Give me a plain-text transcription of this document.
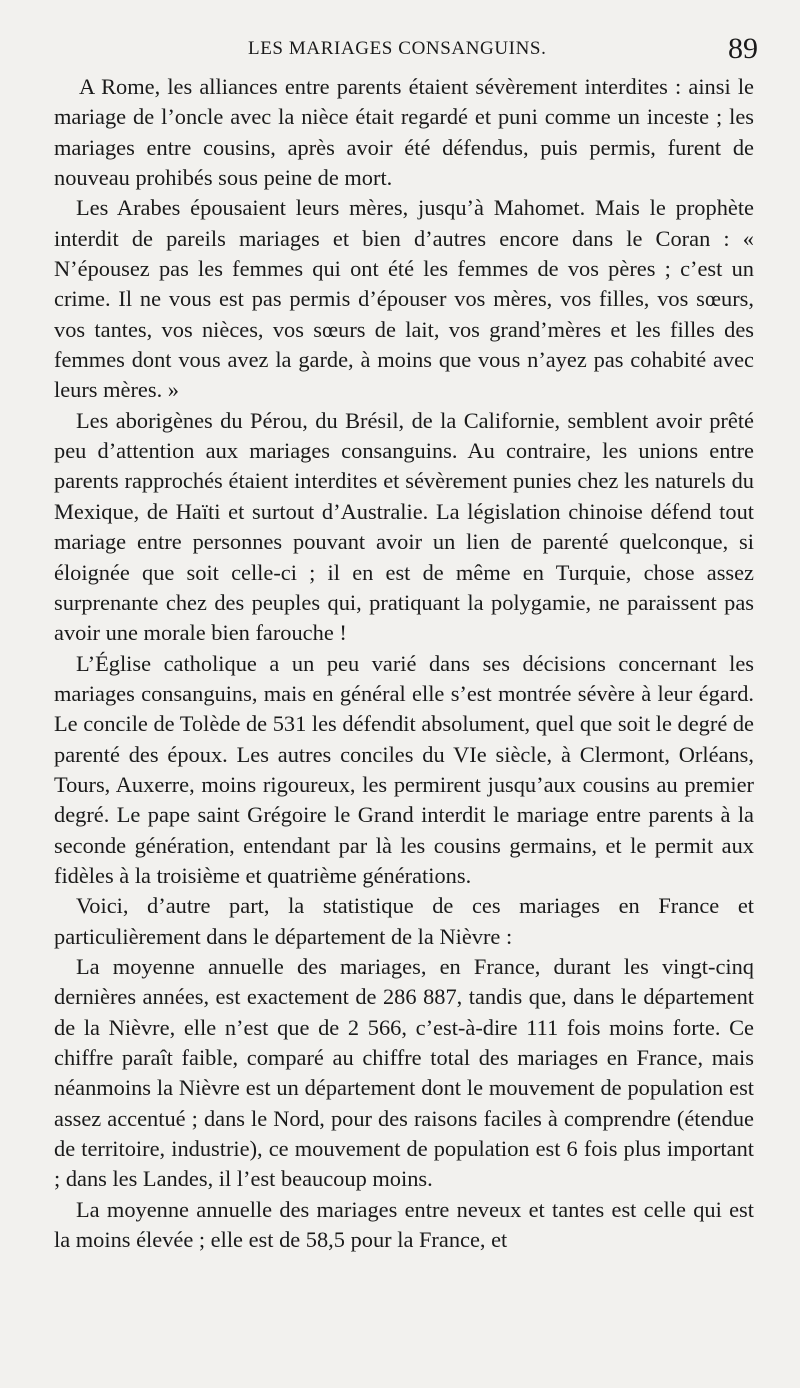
LES MARIAGES CONSANGUINS.	89

A Rome, les alliances entre parents étaient sévèrement interdites : ainsi le mariage de l’oncle avec la nièce était regardé et puni comme un inceste ; les mariages entre cousins, après avoir été défendus, puis permis, furent de nouveau prohibés sous peine de mort.

Les Arabes épousaient leurs mères, jusqu’à Mahomet. Mais le prophète interdit de pareils mariages et bien d’autres encore dans le Coran : « N’épousez pas les femmes qui ont été les femmes de vos pères ; c’est un crime. Il ne vous est pas permis d’épouser vos mères, vos filles, vos sœurs, vos tantes, vos nièces, vos sœurs de lait, vos grand’mères et les filles des femmes dont vous avez la garde, à moins que vous n’ayez pas cohabité avec leurs mères. »

Les aborigènes du Pérou, du Brésil, de la Californie, semblent avoir prêté peu d’attention aux mariages consanguins. Au contraire, les unions entre parents rapprochés étaient interdites et sévèrement punies chez les naturels du Mexique, de Haïti et surtout d’Australie. La législation chinoise défend tout mariage entre personnes pouvant avoir un lien de parenté quelconque, si éloignée que soit celle-ci ; il en est de même en Turquie, chose assez surprenante chez des peuples qui, pratiquant la polygamie, ne paraissent pas avoir une morale bien farouche !

L’Église catholique a un peu varié dans ses décisions concernant les mariages consanguins, mais en général elle s’est montrée sévère à leur égard. Le concile de Tolède de 531 les défendit absolument, quel que soit le degré de parenté des époux. Les autres conciles du VIe siècle, à Clermont, Orléans, Tours, Auxerre, moins rigoureux, les permirent jusqu’aux cousins au premier degré. Le pape saint Grégoire le Grand interdit le mariage entre parents à la seconde génération, entendant par là les cousins germains, et le permit aux fidèles à la troisième et quatrième générations.

Voici, d’autre part, la statistique de ces mariages en France et particulièrement dans le département de la Nièvre :

La moyenne annuelle des mariages, en France, durant les vingt-cinq dernières années, est exactement de 286 887, tandis que, dans le département de la Nièvre, elle n’est que de 2 566, c’est-à-dire 111 fois moins forte. Ce chiffre paraît faible, comparé au chiffre total des mariages en France, mais néanmoins la Nièvre est un département dont le mouvement de population est assez accentué ; dans le Nord, pour des raisons faciles à comprendre (étendue de territoire, industrie), ce mouvement de population est 6 fois plus important ; dans les Landes, il l’est beaucoup moins.

La moyenne annuelle des mariages entre neveux et tantes est celle qui est la moins élevée ; elle est de 58,5 pour la France, et
